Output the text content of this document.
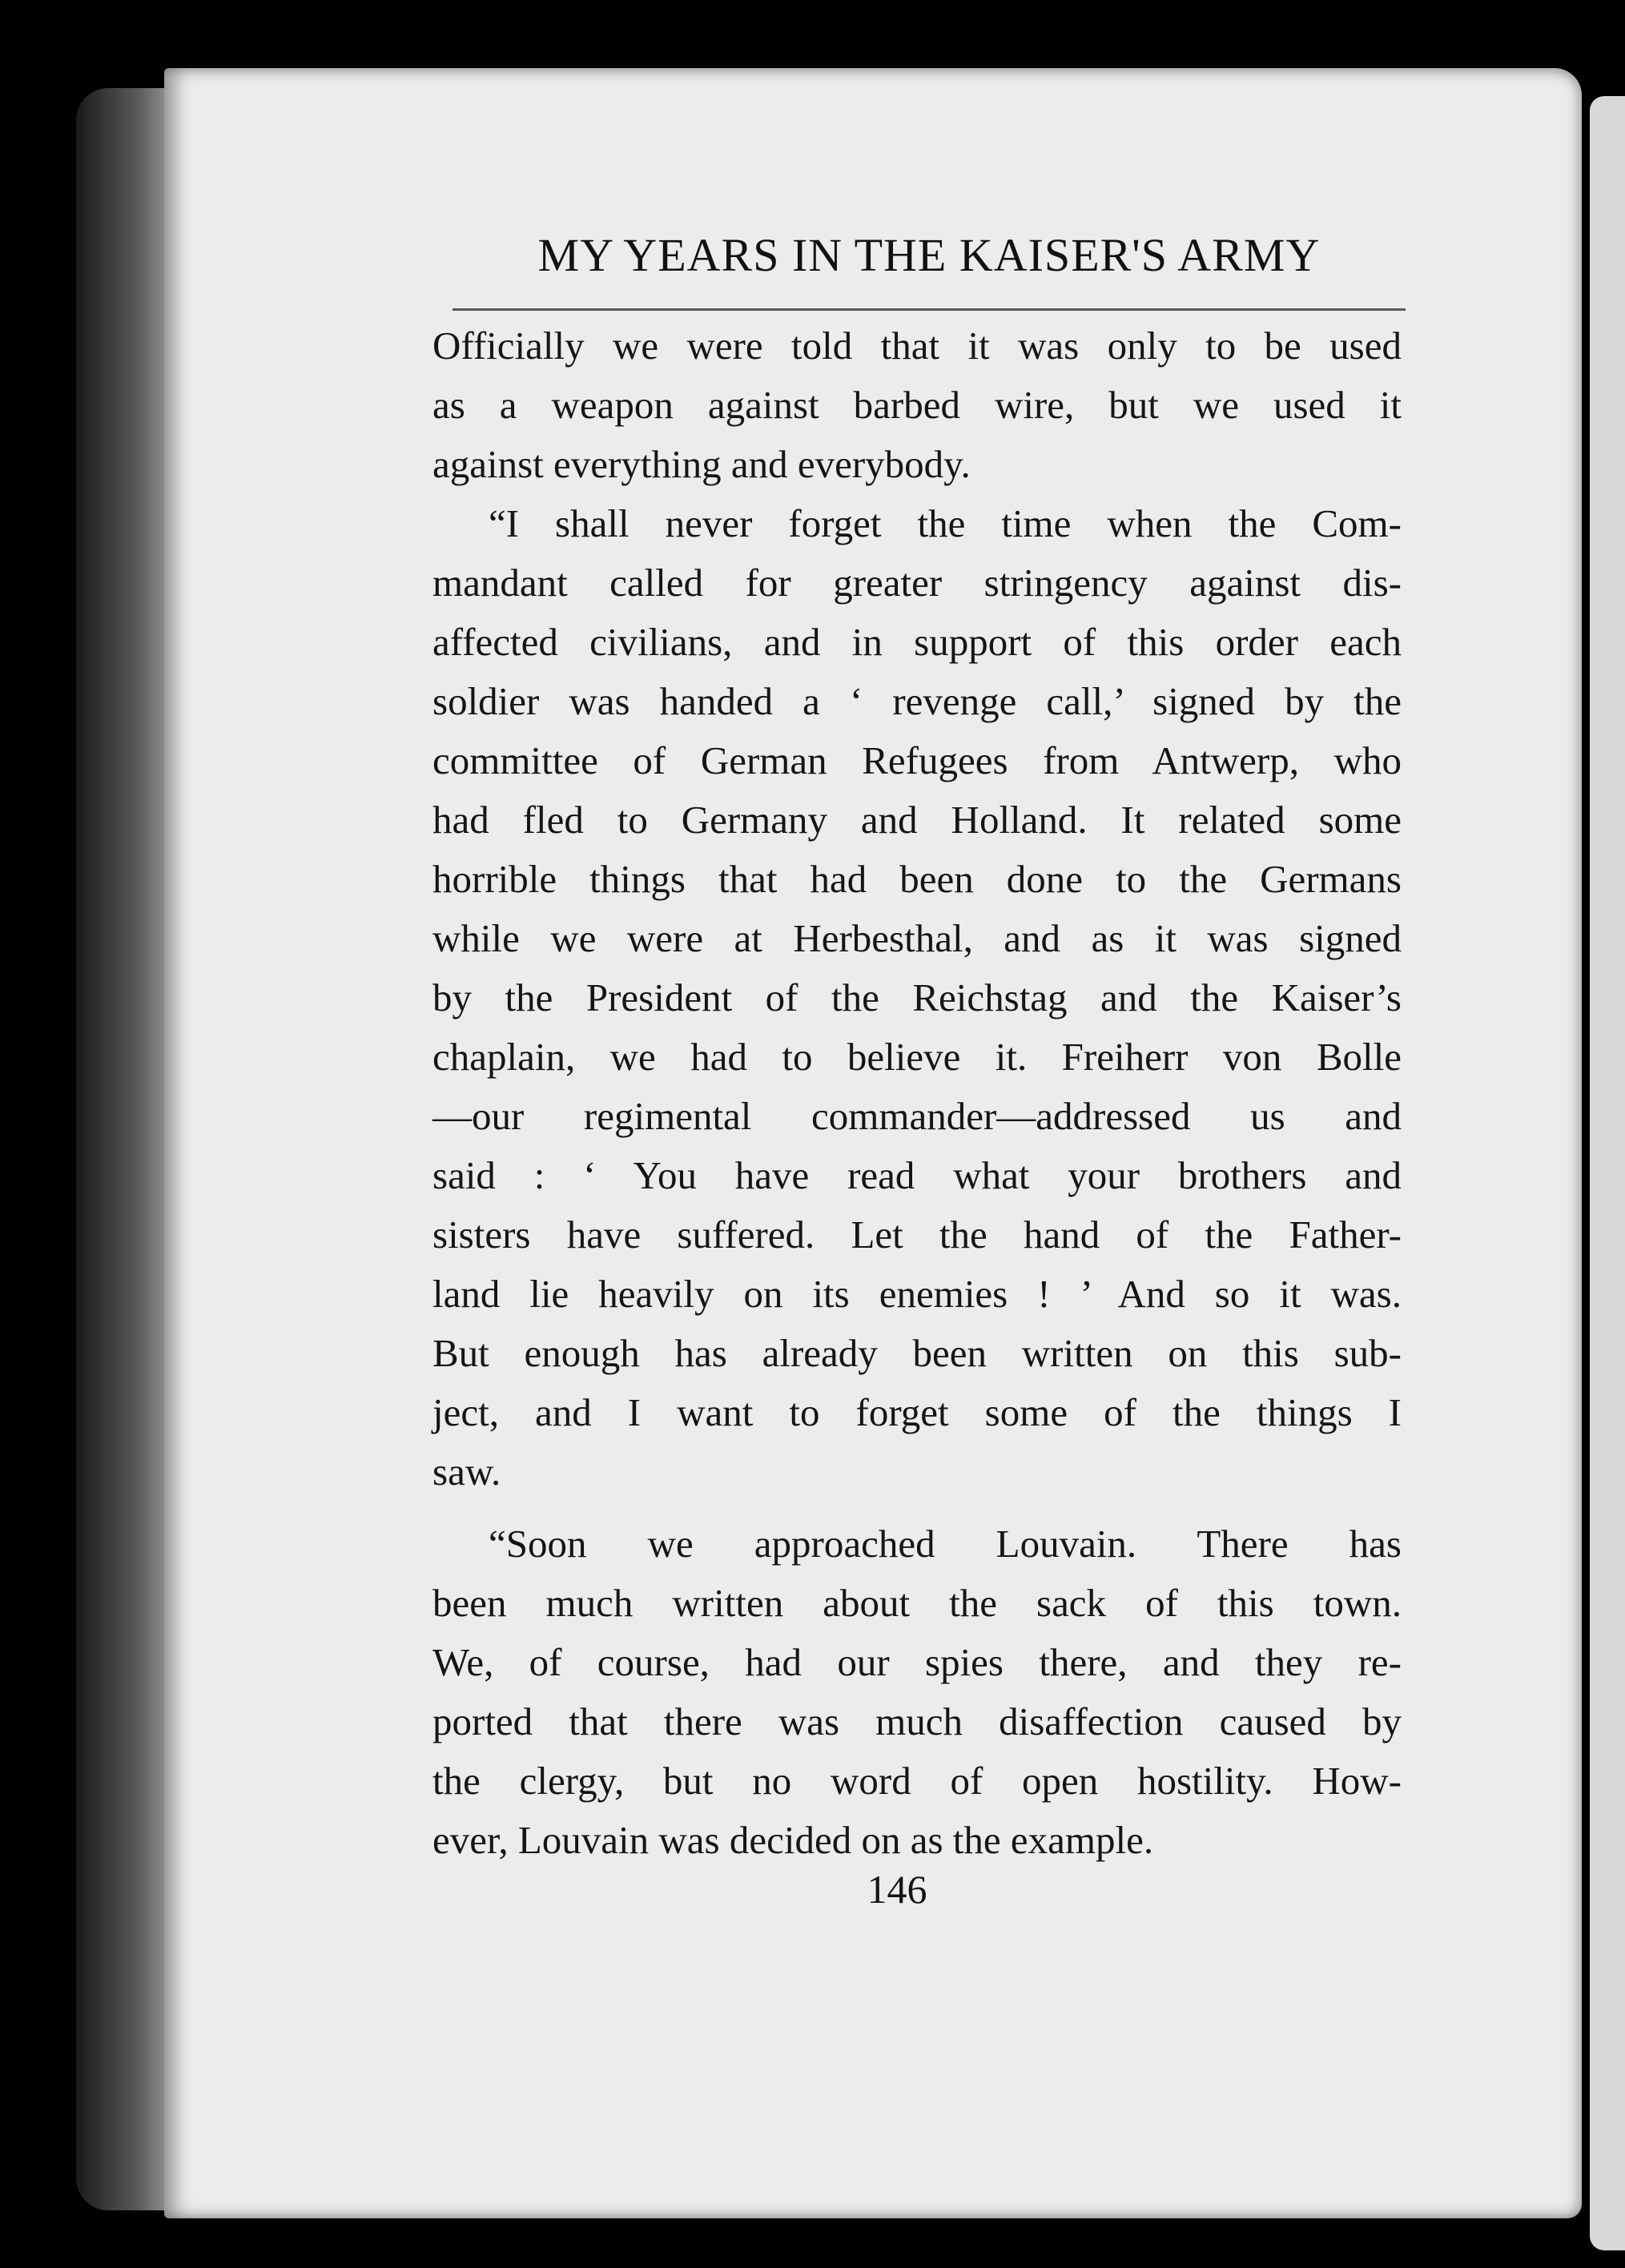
MY YEARS IN THE KAISER'S ARMY
Officially we were told that it was only to be used
as a weapon against barbed wire, but we used it
against everything and everybody.
“I shall never forget the time when the Com-
mandant called for greater stringency against dis-
affected civilians, and in support of this order each
soldier was handed a ‘ revenge call,’ signed by the
committee of German Refugees from Antwerp, who
had fled to Germany and Holland. It related some
horrible things that had been done to the Germans
while we were at Herbesthal, and as it was signed
by the President of the Reichstag and the Kaiser’s
chaplain, we had to believe it. Freiherr von Bolle
—our regimental commander—addressed us and
said : ‘ You have read what your brothers and
sisters have suffered. Let the hand of the Father-
land lie heavily on its enemies ! ’ And so it was.
But enough has already been written on this sub-
ject, and I want to forget some of the things I
saw.
“Soon we approached Louvain. There has
been much written about the sack of this town.
We, of course, had our spies there, and they re-
ported that there was much disaffection caused by
the clergy, but no word of open hostility. How-
ever, Louvain was decided on as the example.
146
